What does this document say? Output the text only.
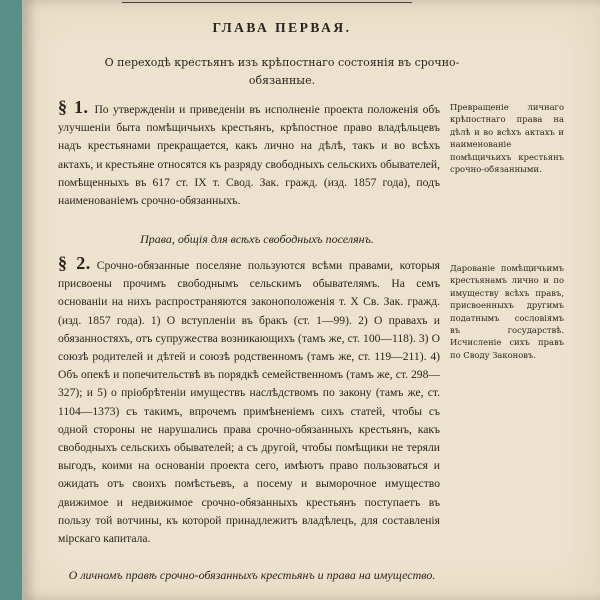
ГЛАВА ПЕРВАЯ.
О переходѣ крестьянъ изъ крѣпостнаго состоянія въ срочно-обязанные.
§ 1. По утвержденіи и приведеніи въ исполненіе проекта положенія объ улучшеніи быта помѣщичьихъ крестьянъ, крѣпостное право владѣльцевъ надъ крестьянами прекращается, какъ лично на дѣлѣ, такъ и во всѣхъ актахъ, и крестьяне относятся къ разряду свободныхъ сельскихъ обывателей, помѣщенныхъ въ 617 ст. IX т. Свод. Зак. гражд. (изд. 1857 года), подъ наименованіемъ срочно-обязанныхъ.
Превращеніе личнаго крѣпостнаго права на дѣлѣ и во всѣхъ актахъ и наименованіе помѣщичьихъ крестьянъ срочно-обязанными.
Права, общія для всѣхъ свободныхъ поселянъ.
§ 2. Срочно-обязанные поселяне пользуются всѣми правами, которыя присвоены прочимъ свободнымъ сельскимъ обывателямъ. На семъ основаніи на нихъ распространяются законоположенія т. X Св. Зак. гражд. (изд. 1857 года). 1) О вступленіи въ бракъ (ст. 1—99). 2) О правахъ и обязанностяхъ, отъ супружества возникающихъ (тамъ же, ст. 100—118). 3) О союзѣ родителей и дѣтей и союзѣ родственномъ (тамъ же, ст. 119—211). 4) Объ опекѣ и попечительствѣ въ порядкѣ семейственномъ (тамъ же, ст. 298—327); и 5) о пріобрѣтеніи имуществъ наслѣдствомъ по закону (тамъ же, ст. 1104—1373) съ такимъ, впрочемъ примѣненіемъ сихъ статей, чтобы съ одной стороны не нарушались права срочно-обязанныхъ крестьянъ, какъ свободныхъ сельскихъ обывателей; а съ другой, чтобы помѣщики не теряли выгодъ, коими на основаніи проекта сего, имѣютъ право пользоваться и ожидать отъ своихъ помѣстьевъ, а посему и выморочное имущество движимое и недвижимое срочно-обязанныхъ крестьянъ поступаетъ въ пользу той вотчины, къ которой принадлежитъ владѣлецъ, для составленія мірскаго капитала.
Дарованіе помѣщичьимъ крестьянамъ лично и по имуществу всѣхъ правъ, присвоенныхъ другимъ податнымъ сословіямъ въ государствѣ. Исчисленіе сихъ правъ по Своду Законовъ.
О личномъ правѣ срочно-обязанныхъ крестьянъ и права на имущество.
